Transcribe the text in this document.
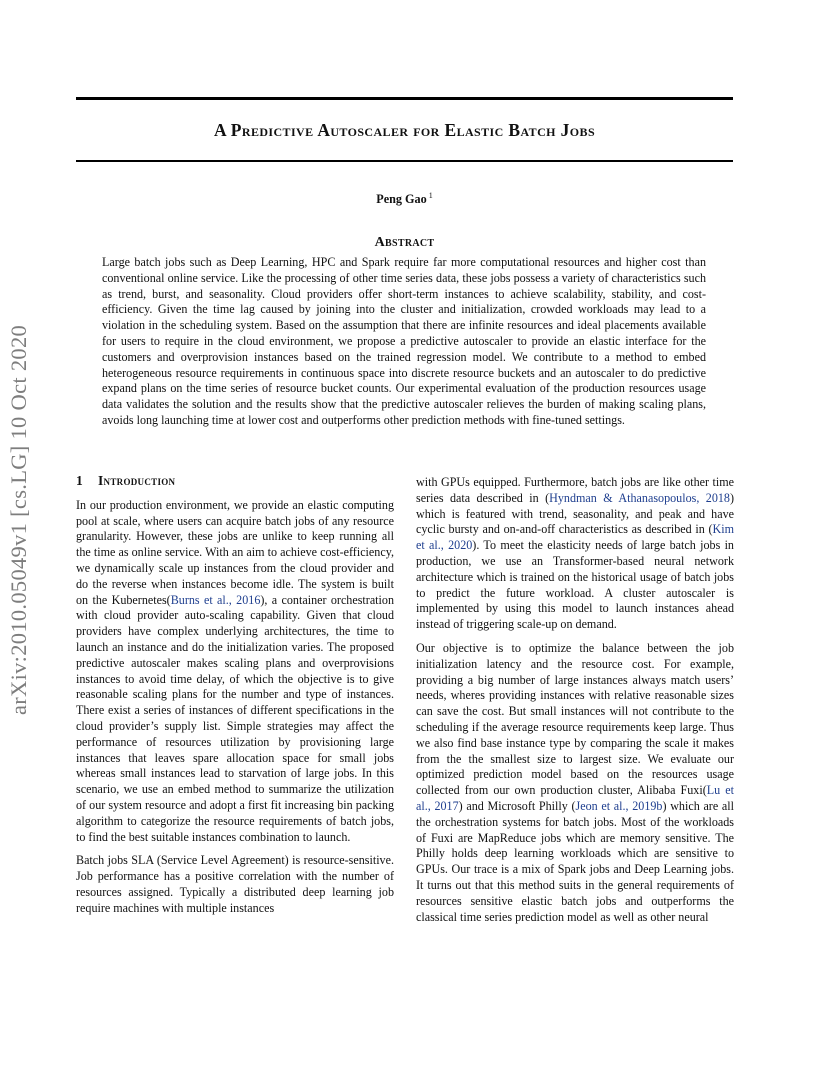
arXiv:2010.05049v1 [cs.LG] 10 Oct 2020
A Predictive Autoscaler for Elastic Batch Jobs
Peng Gao $^1$
Abstract

Large batch jobs such as Deep Learning, HPC and Spark require far more computational resources and higher cost than conventional online service. Like the processing of other time series data, these jobs possess a variety of characteristics such as trend, burst, and seasonality. Cloud providers offer short-term instances to achieve scalability, stability, and cost-efficiency. Given the time lag caused by joining into the cluster and initialization, crowded workloads may lead to a violation in the scheduling system. Based on the assumption that there are infinite resources and ideal placements available for users to require in the cloud environment, we propose a predictive autoscaler to provide an elastic interface for the customers and overprovision instances based on the trained regression model. We contribute to a method to embed heterogeneous resource requirements in continuous space into discrete resource buckets and an autoscaler to do predictive expand plans on the time series of resource bucket counts. Our experimental evaluation of the production resources usage data validates the solution and the results show that the predictive autoscaler relieves the burden of making scaling plans, avoids long launching time at lower cost and outperforms other prediction methods with fine-tuned settings.

1 Introduction

In our production environment, we provide an elastic computing pool at scale, where users can acquire batch jobs of any resource granularity. However, these jobs are unlike to keep running all the time as online service. With an aim to achieve cost-efficiency, we dynamically scale up instances from the cloud provider and do the reverse when instances become idle. The system is built on the Kubernetes(Burns et al., 2016), a container orchestration with cloud provider auto-scaling capability. Given that cloud providers have complex underlying architectures, the time to launch an instance and do the initialization varies. The proposed predictive autoscaler makes scaling plans and overprovisions instances to avoid time delay, of which the objective is to give reasonable scaling plans for the number and type of instances. There exist a series of instances of different specifications in the cloud provider’s supply list. Simple strategies may affect the performance of resources utilization by provisioning large instances that leaves spare allocation space for small jobs whereas small instances lead to starvation of large jobs. In this scenario, we use an embed method to summarize the utilization of our system resource and adopt a first fit increasing bin packing algorithm to categorize the resource requirements of batch jobs, to find the best suitable instances combination to launch.

Batch jobs SLA (Service Level Agreement) is resource-sensitive. Job performance has a positive correlation with the number of resources assigned. Typically a distributed deep learning job require machines with multiple instances

with GPUs equipped. Furthermore, batch jobs are like other time series data described in (Hyndman & Athanasopoulos, 2018) which is featured with trend, seasonality, and peak and have cyclic bursty and on-and-off characteristics as described in (Kim et al., 2020). To meet the elasticity needs of large batch jobs in production, we use an Transformer-based neural network architecture which is trained on the historical usage of batch jobs to predict the future workload. A cluster autoscaler is implemented by using this model to launch instances ahead instead of triggering scale-up on demand.

Our objective is to optimize the balance between the job initialization latency and the resource cost. For example, providing a big number of large instances always match users’ needs, wheres providing instances with relative reasonable sizes can save the cost. But small instances will not contribute to the scheduling if the average resource requirements keep large. Thus we also find base instance type by comparing the scale it makes from the the smallest size to largest size. We evaluate our optimized prediction model based on the resources usage collected from our own production cluster, Alibaba Fuxi(Lu et al., 2017) and Microsoft Philly (Jeon et al., 2019b) which are all the orchestration systems for batch jobs. Most of the workloads of Fuxi are MapReduce jobs which are memory sensitive. The Philly holds deep learning workloads which are sensitive to GPUs. Our trace is a mix of Spark jobs and Deep Learning jobs. It turns out that this method suits in the general requirements of resources sensitive elastic batch jobs and outperforms the classical time series prediction model as well as other neural
